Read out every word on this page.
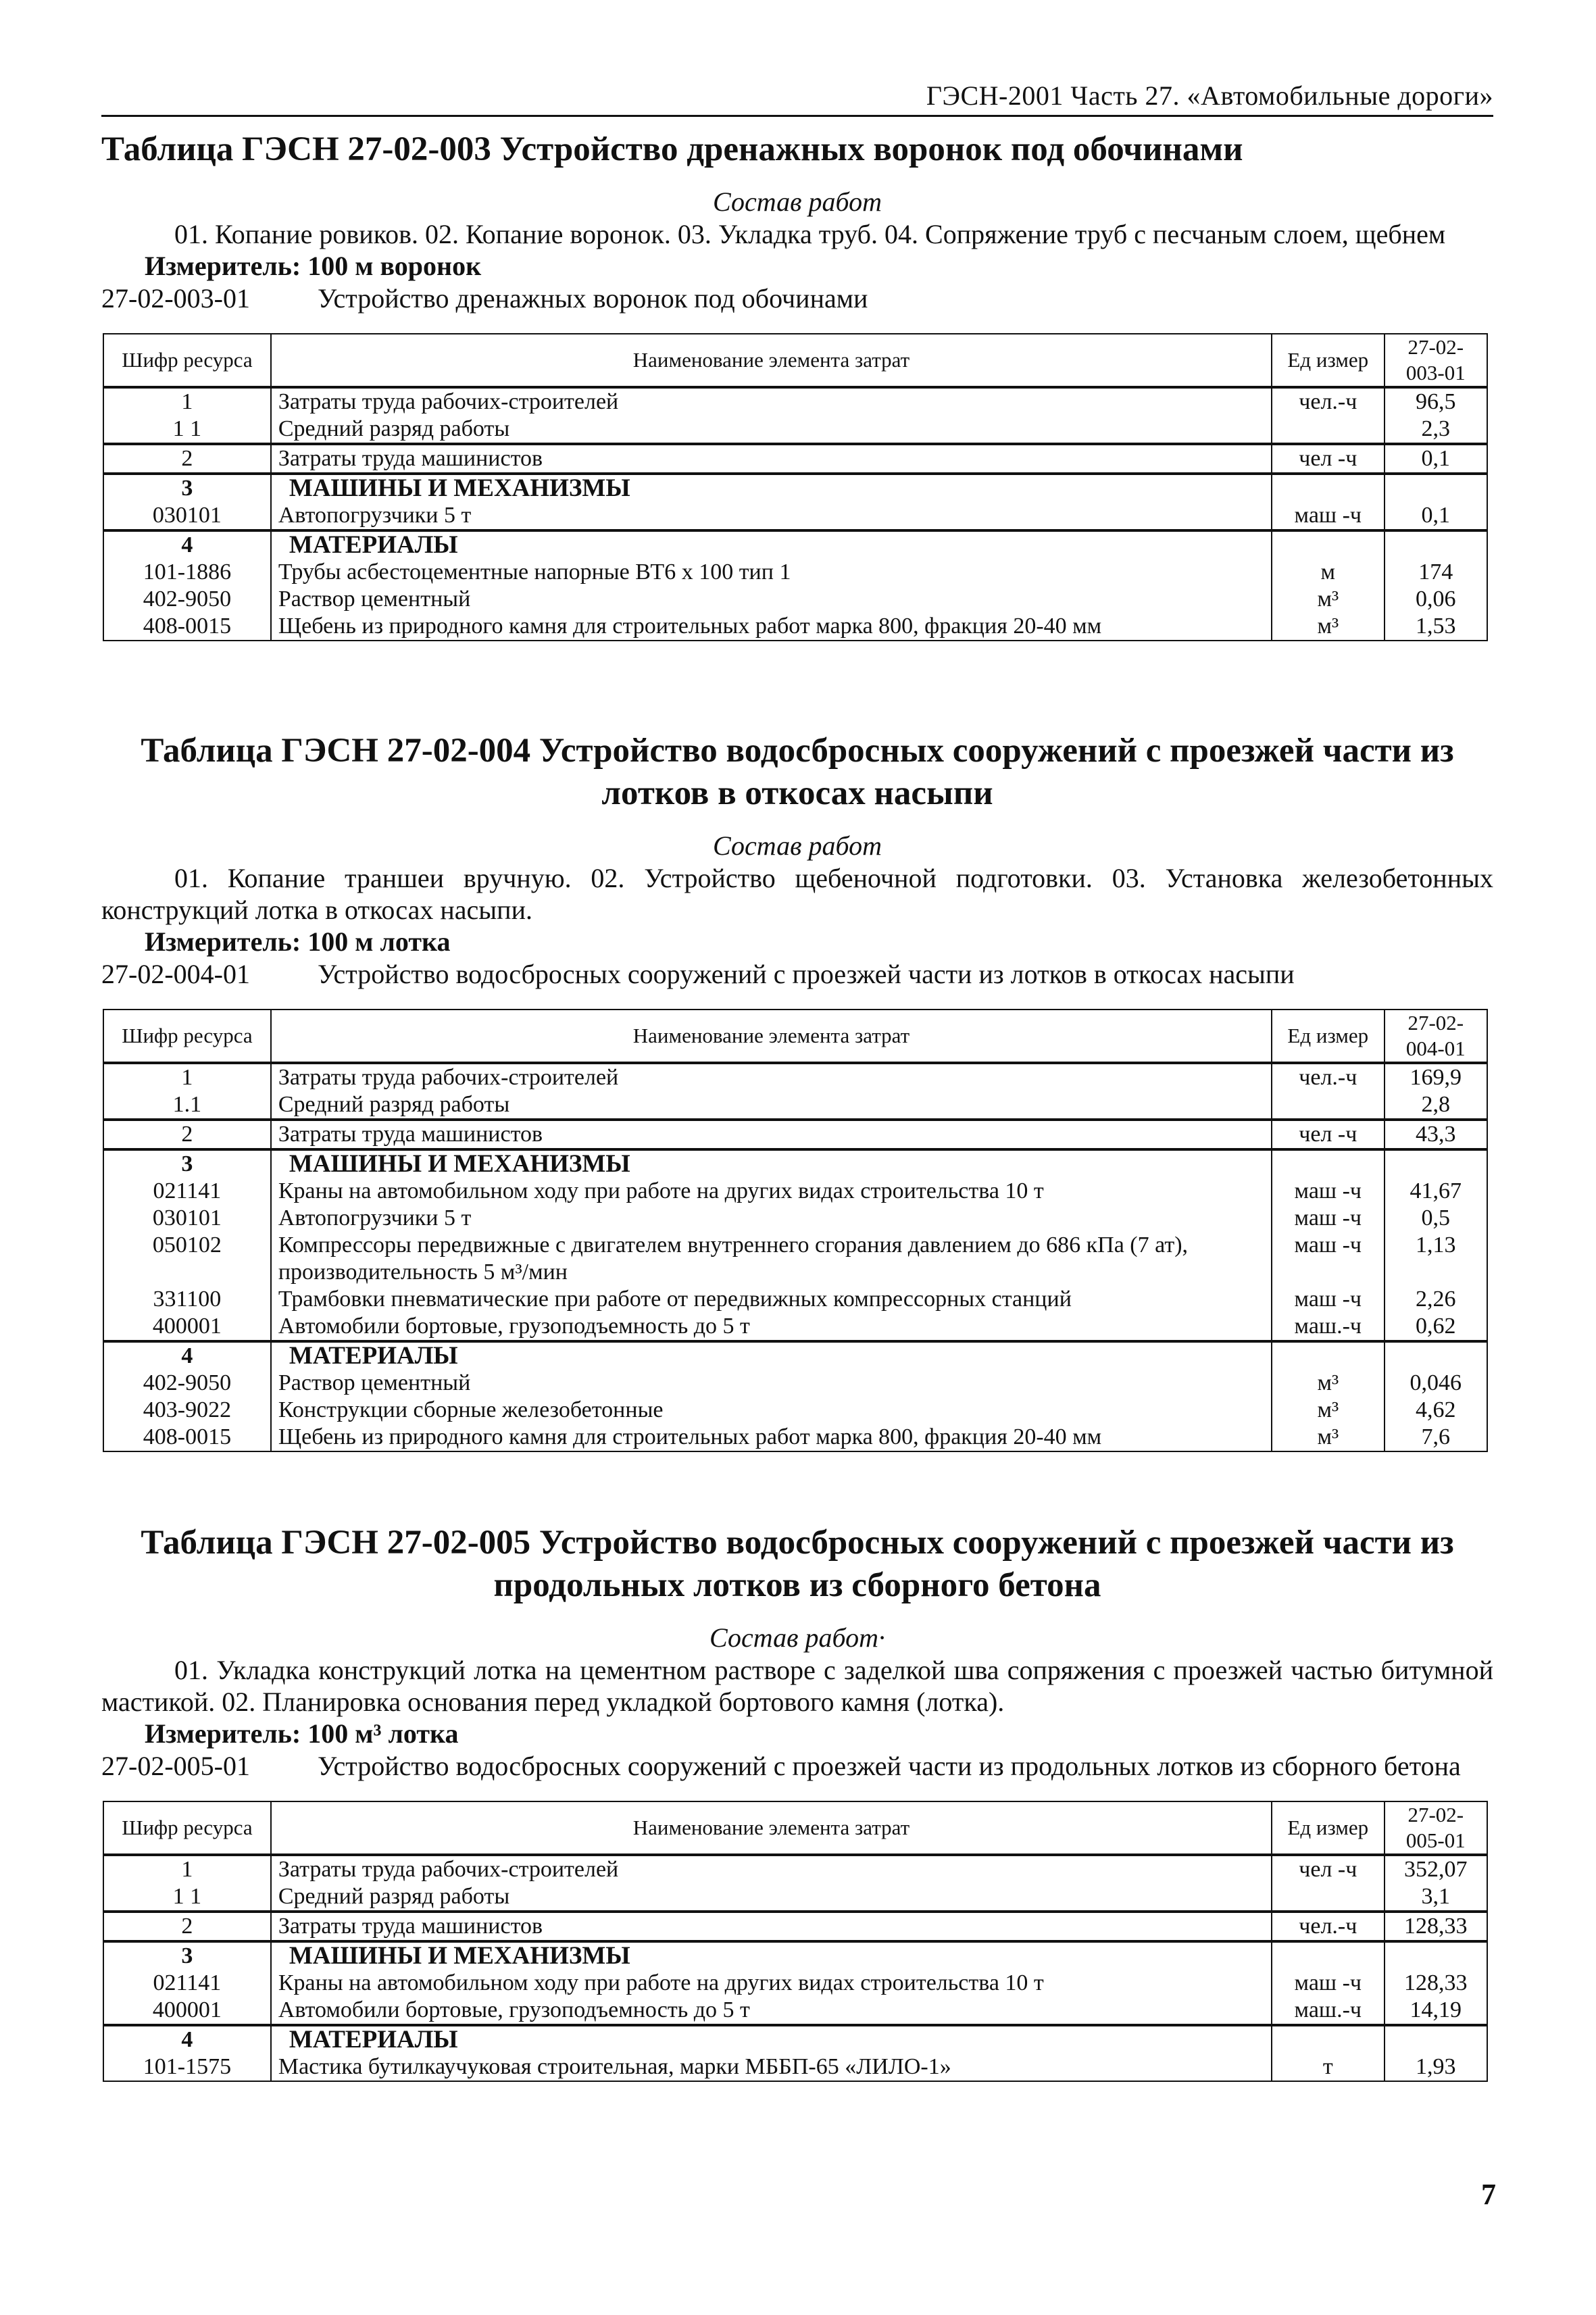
ГЭСН-2001 Часть 27. «Автомобильные дороги»
Таблица ГЭСН 27-02-003 Устройство дренажных воронок под обочинами
Состав работ
01. Копание ровиков. 02. Копание воронок. 03. Укладка труб. 04. Сопряжение труб с песчаным слоем, щебнем
Измеритель: 100 м воронок
27-02-003-01	Устройство дренажных воронок под обочинами
Шифр ресурса	Наименование элемента затрат	Ед измер	27-02-003-01
1	Затраты труда рабочих-строителей	чел.-ч	96,5
1 1	Средний разряд работы		2,3
2	Затраты труда машинистов	чел -ч	0,1
3	МАШИНЫ И МЕХАНИЗМЫ		
030101	Автопогрузчики 5 т	маш -ч	0,1
4	МАТЕРИАЛЫ		
101-1886	Трубы асбестоцементные напорные ВТ6 х 100 тип 1	м	174
402-9050	Раствор цементный	м³	0,06
408-0015	Щебень из природного камня для строительных работ марка 800, фракция 20-40 мм	м³	1,53
Таблица ГЭСН 27-02-004 Устройство водосбросных сооружений с проезжей части из лотков в откосах насыпи
Состав работ
01. Копание траншеи вручную. 02. Устройство щебеночной подготовки. 03. Установка железобетонных конструкций лотка в откосах насыпи.
Измеритель: 100 м лотка
27-02-004-01	Устройство водосбросных сооружений с проезжей части из лотков в откосах насыпи
Шифр ресурса	Наименование элемента затрат	Ед измер	27-02-004-01
1	Затраты труда рабочих-строителей	чел.-ч	169,9
1.1	Средний разряд работы		2,8
2	Затраты труда машинистов	чел -ч	43,3
3	МАШИНЫ И МЕХАНИЗМЫ		
021141	Краны на автомобильном ходу при работе на других видах строительства 10 т	маш -ч	41,67
030101	Автопогрузчики 5 т	маш -ч	0,5
050102	Компрессоры передвижные с двигателем внутреннего сгорания давлением до 686 кПа (7 ат), производительность 5 м³/мин	маш -ч	1,13
331100	Трамбовки пневматические при работе от передвижных компрессорных станций	маш -ч	2,26
400001	Автомобили бортовые, грузоподъемность до 5 т	маш.-ч	0,62
4	МАТЕРИАЛЫ		
402-9050	Раствор цементный	м³	0,046
403-9022	Конструкции сборные железобетонные	м³	4,62
408-0015	Щебень из природного камня для строительных работ марка 800, фракция 20-40 мм	м³	7,6
Таблица ГЭСН 27-02-005 Устройство водосбросных сооружений с проезжей части из продольных лотков из сборного бетона
Состав работ·
01. Укладка конструкций лотка на цементном растворе с заделкой шва сопряжения с проезжей частью битумной мастикой. 02. Планировка основания перед укладкой бортового камня (лотка).
Измеритель: 100 м³ лотка
27-02-005-01	Устройство водосбросных сооружений с проезжей части из продольных лотков из сборного бетона
Шифр ресурса	Наименование элемента затрат	Ед измер	27-02-005-01
1	Затраты труда рабочих-строителей	чел -ч	352,07
1 1	Средний разряд работы		3,1
2	Затраты труда машинистов	чел.-ч	128,33
3	МАШИНЫ И МЕХАНИЗМЫ		
021141	Краны на автомобильном ходу при работе на других видах строительства 10 т	маш -ч	128,33
400001	Автомобили бортовые, грузоподъемность до 5 т	маш.-ч	14,19
4	МАТЕРИАЛЫ		
101-1575	Мастика бутилкаучуковая строительная, марки МББП-65 «ЛИЛО-1»	т	1,93
7
